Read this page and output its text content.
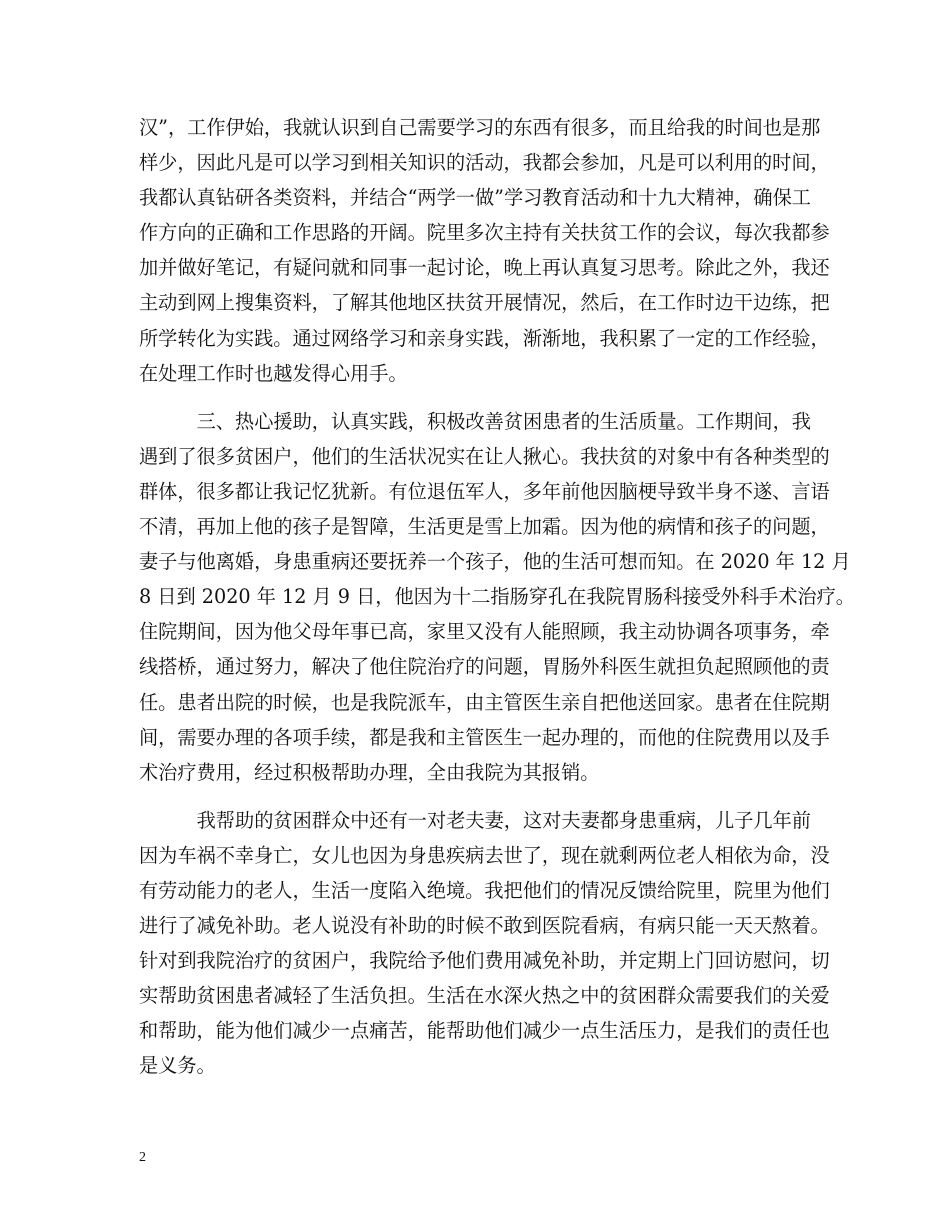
汉”，工作伊始，我就认识到自己需要学习的东西有很多，而且给我的时间也是那
样少，因此凡是可以学习到相关知识的活动，我都会参加，凡是可以利用的时间，
我都认真钻研各类资料，并结合“两学一做”学习教育活动和十九大精神，确保工
作方向的正确和工作思路的开阔。院里多次主持有关扶贫工作的会议，每次我都参
加并做好笔记，有疑问就和同事一起讨论，晚上再认真复习思考。除此之外，我还
主动到网上搜集资料，了解其他地区扶贫开展情况，然后，在工作时边干边练，把
所学转化为实践。通过网络学习和亲身实践，渐渐地，我积累了一定的工作经验，
在处理工作时也越发得心用手。
　　　三、热心援助，认真实践，积极改善贫困患者的生活质量。工作期间，我
遇到了很多贫困户，他们的生活状况实在让人揪心。我扶贫的对象中有各种类型的
群体，很多都让我记忆犹新。有位退伍军人，多年前他因脑梗导致半身不遂、言语
不清，再加上他的孩子是智障，生活更是雪上加霜。因为他的病情和孩子的问题，
妻子与他离婚，身患重病还要抚养一个孩子，他的生活可想而知。在 2020 年 12 月
8 日到 2020 年 12 月 9 日，他因为十二指肠穿孔在我院胃肠科接受外科手术治疗。
住院期间，因为他父母年事已高，家里又没有人能照顾，我主动协调各项事务，牵
线搭桥，通过努力，解决了他住院治疗的问题，胃肠外科医生就担负起照顾他的责
任。患者出院的时候，也是我院派车，由主管医生亲自把他送回家。患者在住院期
间，需要办理的各项手续，都是我和主管医生一起办理的，而他的住院费用以及手
术治疗费用，经过积极帮助办理，全由我院为其报销。
　　　我帮助的贫困群众中还有一对老夫妻，这对夫妻都身患重病，儿子几年前
因为车祸不幸身亡，女儿也因为身患疾病去世了，现在就剩两位老人相依为命，没
有劳动能力的老人，生活一度陷入绝境。我把他们的情况反馈给院里，院里为他们
进行了减免补助。老人说没有补助的时候不敢到医院看病，有病只能一天天熬着。
针对到我院治疗的贫困户，我院给予他们费用减免补助，并定期上门回访慰问，切
实帮助贫困患者减轻了生活负担。生活在水深火热之中的贫困群众需要我们的关爱
和帮助，能为他们减少一点痛苦，能帮助他们减少一点生活压力，是我们的责任也
是义务。
2
